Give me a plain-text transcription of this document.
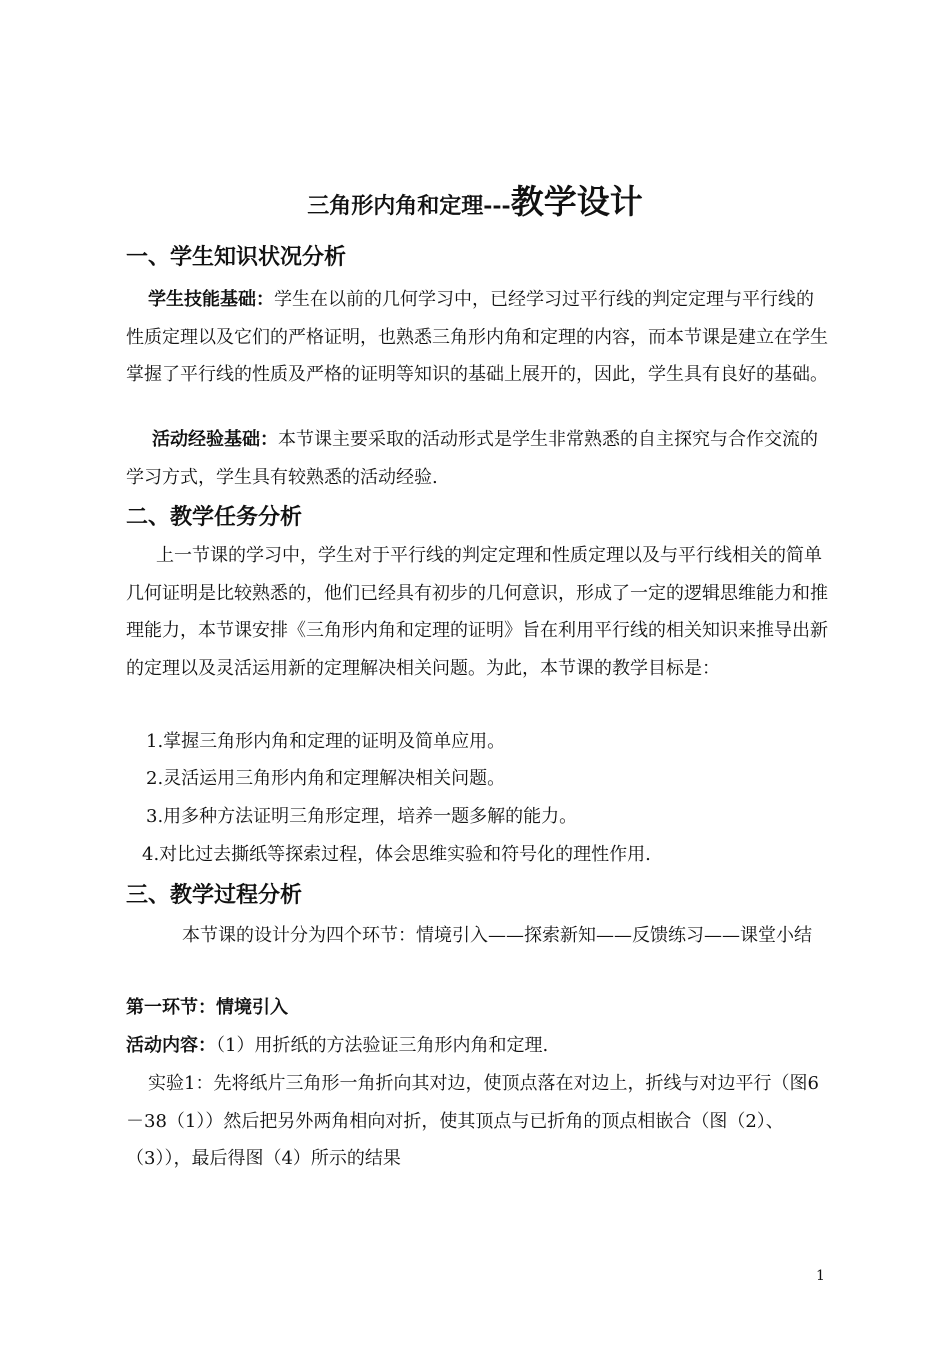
三角形内角和定理---教学设计
一、学生知识状况分析
学生技能基础：学生在以前的几何学习中，已经学习过平行线的判定定理与平行线的性质定理以及它们的严格证明，也熟悉三角形内角和定理的内容，而本节课是建立在学生掌握了平行线的性质及严格的证明等知识的基础上展开的，因此，学生具有良好的基础。
活动经验基础：本节课主要采取的活动形式是学生非常熟悉的自主探究与合作交流的学习方式，学生具有较熟悉的活动经验.
二、教学任务分析
上一节课的学习中，学生对于平行线的判定定理和性质定理以及与平行线相关的简单几何证明是比较熟悉的，他们已经具有初步的几何意识，形成了一定的逻辑思维能力和推理能力，本节课安排《三角形内角和定理的证明》旨在利用平行线的相关知识来推导出新的定理以及灵活运用新的定理解决相关问题。为此，本节课的教学目标是：
1.掌握三角形内角和定理的证明及简单应用。
2.灵活运用三角形内角和定理解决相关问题。
3.用多种方法证明三角形定理，培养一题多解的能力。
4.对比过去撕纸等探索过程，体会思维实验和符号化的理性作用.
三、教学过程分析
本节课的设计分为四个环节：情境引入——探索新知——反馈练习——课堂小结
第一环节：情境引入
活动内容：（1）用折纸的方法验证三角形内角和定理.
实验1：先将纸片三角形一角折向其对边，使顶点落在对边上，折线与对边平行（图6－38（1））然后把另外两角相向对折，使其顶点与已折角的顶点相嵌合（图（2）、（3）），最后得图（4）所示的结果
1
